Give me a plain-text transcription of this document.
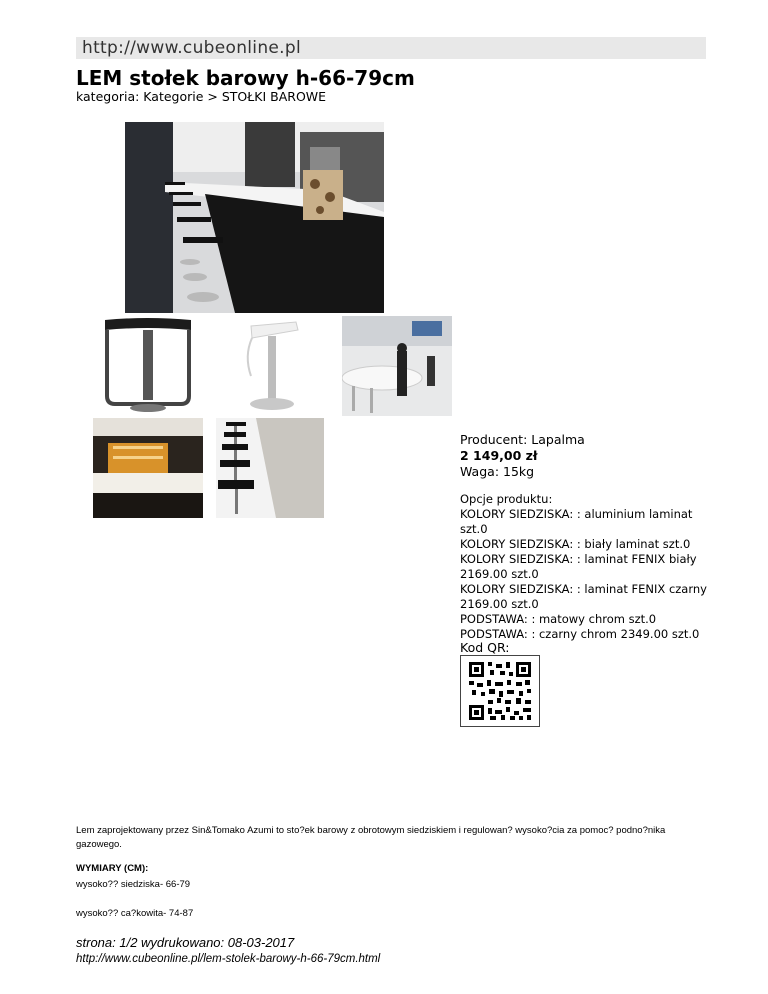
http://www.cubeonline.pl
LEM stołek barowy h-66-79cm
kategoria: Kategorie > STOŁKI BAROWE
Producent: Lapalma
2 149,00 zł
Waga: 15kg
Opcje produktu:
KOLORY SIEDZISKA: : aluminium laminat szt.0
KOLORY SIEDZISKA: : biały laminat szt.0
KOLORY SIEDZISKA: : laminat FENIX biały 2169.00 szt.0
KOLORY SIEDZISKA: : laminat FENIX czarny 2169.00 szt.0
PODSTAWA: : matowy chrom szt.0
PODSTAWA: : czarny chrom 2349.00 szt.0
Kod QR:
Lem zaprojektowany przez Sin&Tomako Azumi to sto?ek barowy z obrotowym siedziskiem i regulowan? wysoko?cia za pomoc? podno?nika gazowego.
WYMIARY (CM):
wysoko?? siedziska- 66-79
wysoko?? ca?kowita- 74-87
strona: 1/2 wydrukowano: 08-03-2017
http://www.cubeonline.pl/lem-stolek-barowy-h-66-79cm.html
